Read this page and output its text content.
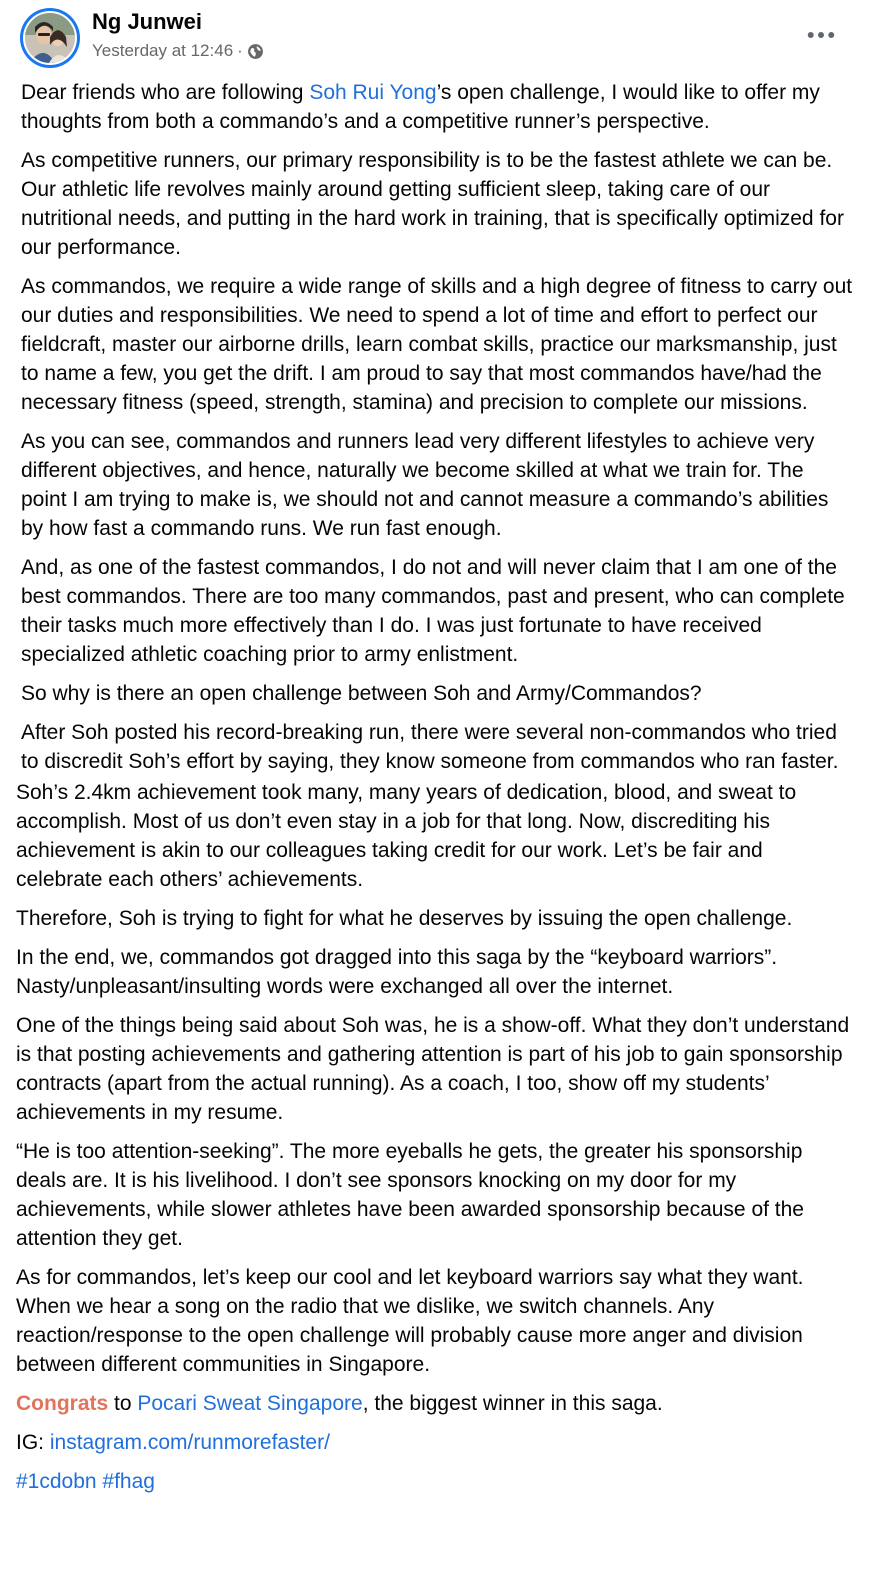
Ng Junwei
Yesterday at 12:46 ·

Dear friends who are following Soh Rui Yong’s open challenge, I would like to offer my thoughts from both a commando’s and a competitive runner’s perspective.

As competitive runners, our primary responsibility is to be the fastest athlete we can be. Our athletic life revolves mainly around getting sufficient sleep, taking care of our nutritional needs, and putting in the hard work in training, that is specifically optimized for our performance.

As commandos, we require a wide range of skills and a high degree of fitness to carry out our duties and responsibilities. We need to spend a lot of time and effort to perfect our fieldcraft, master our airborne drills, learn combat skills, practice our marksmanship, just to name a few, you get the drift. I am proud to say that most commandos have/had the necessary fitness (speed, strength, stamina) and precision to complete our missions.

As you can see, commandos and runners lead very different lifestyles to achieve very different objectives, and hence, naturally we become skilled at what we train for. The point I am trying to make is, we should not and cannot measure a commando’s abilities by how fast a commando runs. We run fast enough.

And, as one of the fastest commandos, I do not and will never claim that I am one of the best commandos. There are too many commandos, past and present, who can complete their tasks much more effectively than I do. I was just fortunate to have received specialized athletic coaching prior to army enlistment.

So why is there an open challenge between Soh and Army/Commandos?

After Soh posted his record-breaking run, there were several non-commandos who tried to discredit Soh’s effort by saying, they know someone from commandos who ran faster.

Soh’s 2.4km achievement took many, many years of dedication, blood, and sweat to accomplish. Most of us don’t even stay in a job for that long. Now, discrediting his achievement is akin to our colleagues taking credit for our work. Let’s be fair and celebrate each others’ achievements.

Therefore, Soh is trying to fight for what he deserves by issuing the open challenge.

In the end, we, commandos got dragged into this saga by the “keyboard warriors”. Nasty/unpleasant/insulting words were exchanged all over the internet.

One of the things being said about Soh was, he is a show-off. What they don’t understand is that posting achievements and gathering attention is part of his job to gain sponsorship contracts (apart from the actual running). As a coach, I too, show off my students’ achievements in my resume.

“He is too attention-seeking”. The more eyeballs he gets, the greater his sponsorship deals are. It is his livelihood. I don’t see sponsors knocking on my door for my achievements, while slower athletes have been awarded sponsorship because of the attention they get.

As for commandos, let’s keep our cool and let keyboard warriors say what they want. When we hear a song on the radio that we dislike, we switch channels. Any reaction/response to the open challenge will probably cause more anger and division between different communities in Singapore.

Congrats to Pocari Sweat Singapore, the biggest winner in this saga.

IG: instagram.com/runmorefaster/

#1cdobn #fhag
